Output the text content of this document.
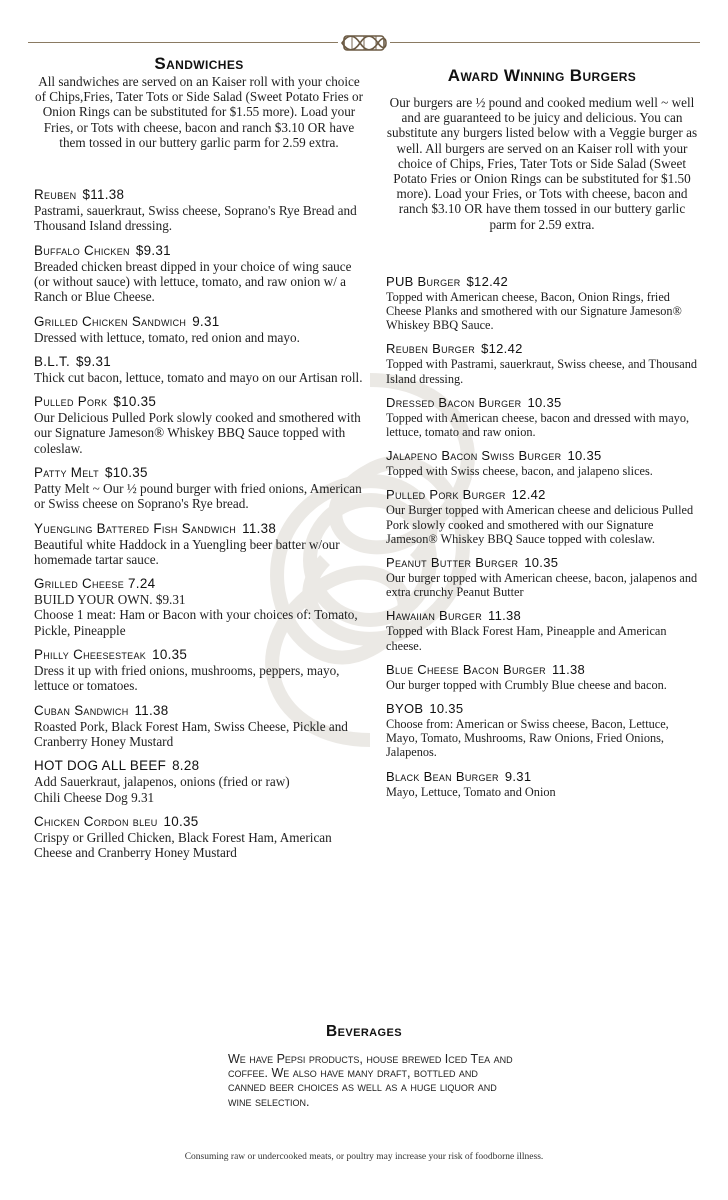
Sandwiches

All sandwiches are served on an Kaiser roll with your choice of Chips,Fries, Tater Tots or Side Salad (Sweet Potato Fries or Onion Rings can be substituted for $1.55 more). Load your Fries, or Tots with cheese, bacon and ranch $3.10 OR have them tossed in our buttery garlic parm for 2.59 extra.

Reuben $11.38
Pastrami, sauerkraut, Swiss cheese, Soprano's Rye Bread and Thousand Island dressing.
Buffalo Chicken $9.31
Breaded chicken breast dipped in your choice of wing sauce (or without sauce) with lettuce, tomato, and raw onion w/ a Ranch or Blue Cheese.
Grilled Chicken Sandwich 9.31
Dressed with lettuce, tomato, red onion and mayo.
B.L.T. $9.31
Thick cut bacon, lettuce, tomato and mayo on our Artisan roll.
Pulled Pork $10.35
Our Delicious Pulled Pork slowly cooked and smothered with our Signature Jameson® Whiskey BBQ Sauce topped with coleslaw.
Patty Melt $10.35
Patty Melt ~ Our ½ pound burger with fried onions, American or Swiss cheese on Soprano's Rye bread.
Yuengling Battered Fish Sandwich 11.38
Beautiful white Haddock in a Yuengling beer batter w/our homemade tartar sauce.
Grilled Cheese 7.24
BUILD YOUR OWN. $9.31
Choose 1 meat: Ham or Bacon with your choices of: Tomato, Pickle, Pineapple
Philly Cheesesteak 10.35
Dress it up with fried onions, mushrooms, peppers, mayo, lettuce or tomatoes.
Cuban Sandwich 11.38
Roasted Pork, Black Forest Ham, Swiss Cheese, Pickle and Cranberry Honey Mustard
HOT DOG ALL BEEF 8.28
Add Sauerkraut, jalapenos, onions (fried or raw)
Chili Cheese Dog 9.31
Chicken Cordon bleu 10.35
Crispy or Grilled Chicken, Black Forest Ham, American Cheese and Cranberry Honey Mustard
Award Winning Burgers

Our burgers are ½ pound and cooked medium well ~ well and are guaranteed to be juicy and delicious. You can substitute any burgers listed below with a Veggie burger as well. All burgers are served on an Kaiser roll with your choice of Chips, Fries, Tater Tots or Side Salad (Sweet Potato Fries or Onion Rings can be substituted for $1.50 more). Load your Fries, or Tots with cheese, bacon and ranch $3.10 OR have them tossed in our buttery garlic parm for 2.59 extra.

PUB Burger $12.42
Topped with American cheese, Bacon, Onion Rings, fried Cheese Planks and smothered with our Signature Jameson® Whiskey BBQ Sauce.
Reuben Burger $12.42
Topped with Pastrami, sauerkraut, Swiss cheese, and Thousand Island dressing.
Dressed Bacon Burger 10.35
Topped with American cheese, bacon and dressed with mayo, lettuce, tomato and raw onion.
Jalapeno Bacon Swiss Burger 10.35
Topped with Swiss cheese, bacon, and jalapeno slices.
Pulled Pork Burger 12.42
Our Burger topped with American cheese and delicious Pulled Pork slowly cooked and smothered with our Signature Jameson® Whiskey BBQ Sauce topped with coleslaw.
Peanut Butter Burger 10.35
Our burger topped with American cheese, bacon, jalapenos and extra crunchy Peanut Butter
Hawaiian Burger 11.38
Topped with Black Forest Ham, Pineapple and American cheese.
Blue Cheese Bacon Burger 11.38
Our burger topped with Crumbly Blue cheese and bacon.
BYOB 10.35
Choose from: American or Swiss cheese, Bacon, Lettuce, Mayo, Tomato, Mushrooms, Raw Onions, Fried Onions, Jalapenos.
Black Bean Burger 9.31
Mayo, Lettuce, Tomato and Onion
Beverages
We have Pepsi products, house brewed Iced Tea and coffee. We also have many draft, bottled and canned beer choices as well as a huge liquor and wine selection.
Consuming raw or undercooked meats, or poultry may increase your risk of foodborne illness.
